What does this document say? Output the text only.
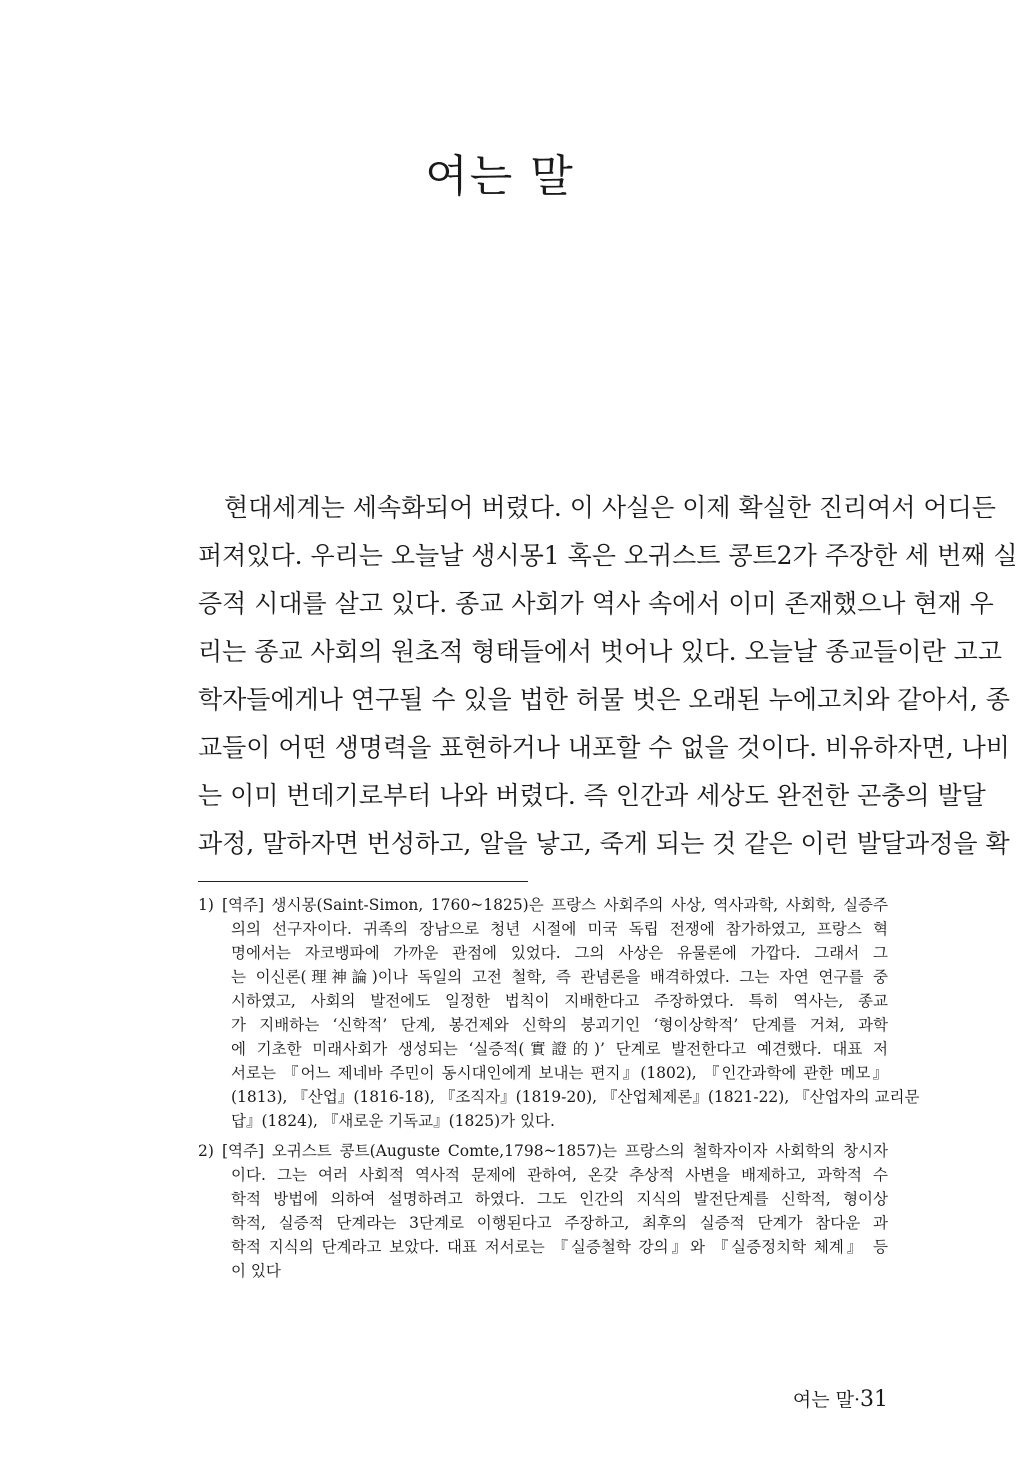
여는 말
현대세계는 세속화되어 버렸다. 이 사실은 이제 확실한 진리여서 어디든
퍼져있다. 우리는 오늘날 생시몽1 혹은 오귀스트 콩트2가 주장한 세 번째 실
증적 시대를 살고 있다. 종교 사회가 역사 속에서 이미 존재했으나 현재 우
리는 종교 사회의 원초적 형태들에서 벗어나 있다. 오늘날 종교들이란 고고
학자들에게나 연구될 수 있을 법한 허물 벗은 오래된 누에고치와 같아서, 종
교들이 어떤 생명력을 표현하거나 내포할 수 없을 것이다. 비유하자면, 나비
는 이미 번데기로부터 나와 버렸다. 즉 인간과 세상도 완전한 곤충의 발달
과정, 말하자면 번성하고, 알을 낳고, 죽게 되는 것 같은 이런 발달과정을 확
1) [역주] 생시몽(Saint-Simon, 1760~1825)은 프랑스 사회주의 사상, 역사과학, 사회학, 실증주
의의 선구자이다. 귀족의 장남으로 청년 시절에 미국 독립 전쟁에 참가하였고, 프랑스 혁
명에서는 자코뱅파에 가까운 관점에 있었다. 그의 사상은 유물론에 가깝다. 그래서 그
는 이신론(理神論)이나 독일의 고전 철학, 즉 관념론을 배격하였다. 그는 자연 연구를 중
시하였고, 사회의 발전에도 일정한 법칙이 지배한다고 주장하였다. 특히 역사는, 종교
가 지배하는 ‘신학적’ 단계, 봉건제와 신학의 붕괴기인 ‘형이상학적’ 단계를 거쳐, 과학
에 기초한 미래사회가 생성되는 ‘실증적(實證的)’ 단계로 발전한다고 예견했다. 대표 저
서로는 『어느 제네바 주민이 동시대인에게 보내는 편지』(1802), 『인간과학에 관한 메모』
(1813), 『산업』(1816-18), 『조직자』(1819-20), 『산업체제론』(1821-22), 『산업자의 교리문
답』(1824), 『새로운 기독교』(1825)가 있다.
2) [역주] 오귀스트 콩트(Auguste Comte,1798~1857)는 프랑스의 철학자이자 사회학의 창시자
이다. 그는 여러 사회적 역사적 문제에 관하여, 온갖 추상적 사변을 배제하고, 과학적 수
학적 방법에 의하여 설명하려고 하였다. 그도 인간의 지식의 발전단계를 신학적, 형이상
학적, 실증적 단계라는 3단계로 이행된다고 주장하고, 최후의 실증적 단계가 참다운 과
학적 지식의 단계라고 보았다. 대표 저서로는 『실증철학 강의』와 『실증정치학 체계』 등
이 있다
여는 말·31
